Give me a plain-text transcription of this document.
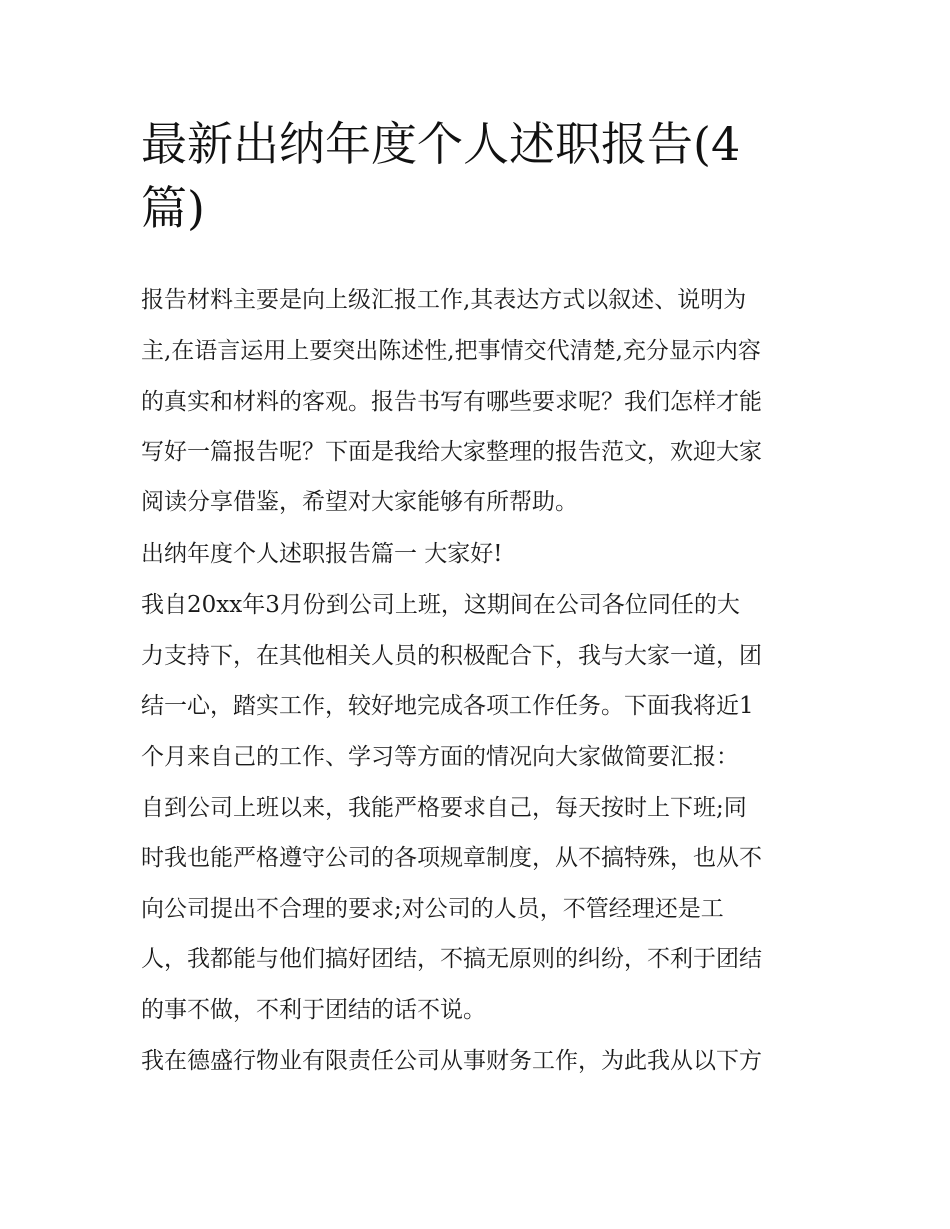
最新出纳年度个人述职报告(4
篇)

报告材料主要是向上级汇报工作,其表达方式以叙述、说明为

主,在语言运用上要突出陈述性,把事情交代清楚,充分显示内容

的真实和材料的客观。报告书写有哪些要求呢？我们怎样才能

写好一篇报告呢？下面是我给大家整理的报告范文，欢迎大家

阅读分享借鉴，希望对大家能够有所帮助。

出纳年度个人述职报告篇一 大家好!

我自20xx年3月份到公司上班，这期间在公司各位同任的大

力支持下，在其他相关人员的积极配合下，我与大家一道，团

结一心，踏实工作，较好地完成各项工作任务。下面我将近1

个月来自己的工作、学习等方面的情况向大家做简要汇报：

自到公司上班以来，我能严格要求自己，每天按时上下班;同

时我也能严格遵守公司的各项规章制度，从不搞特殊，也从不

向公司提出不合理的要求;对公司的人员，不管经理还是工

人，我都能与他们搞好团结，不搞无原则的纠纷，不利于团结

的事不做，不利于团结的话不说。

我在德盛行物业有限责任公司从事财务工作，为此我从以下方
